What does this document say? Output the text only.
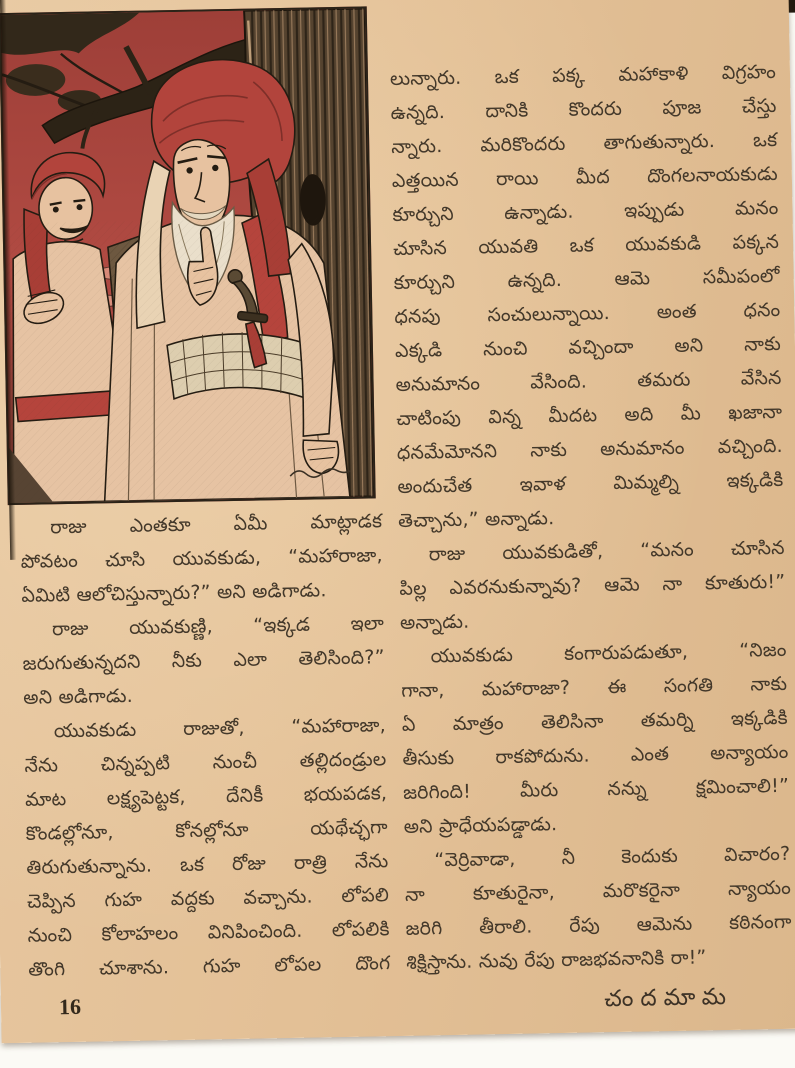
రాజు ఎంతకూ ఏమీ మాట్లాడక
పోవటం చూసి యువకుడు, “మహారాజా,
ఏమిటి ఆలోచిస్తున్నారు?” అని అడిగాడు.
రాజు యువకుణ్ణి, “ఇక్కడ ఇలా
జరుగుతున్నదని నీకు ఎలా తెలిసింది?”
అని అడిగాడు.
యువకుడు రాజుతో, “మహారాజా,
నేను చిన్నప్పటి నుంచీ తల్లిదండ్రుల
మాట లక్ష్యపెట్టక, దేనికీ భయపడక,
కొండల్లోనూ, కోనల్లోనూ యథేచ్ఛగా
తిరుగుతున్నాను. ఒక రోజు రాత్రి నేను
చెప్పిన గుహ వద్దకు వచ్చాను. లోపలి
నుంచి కోలాహలం వినిపించింది. లోపలికి
తొంగి చూశాను. గుహ లోపల దొంగ
లున్నారు. ఒక పక్క మహాకాళి విగ్రహం
ఉన్నది. దానికి కొందరు పూజ చేస్తు
న్నారు. మరికొందరు తాగుతున్నారు. ఒక
ఎత్తయిన రాయి మీద దొంగలనాయకుడు
కూర్చుని ఉన్నాడు. ఇప్పుడు మనం
చూసిన యువతి ఒక యువకుడి పక్కన
కూర్చుని ఉన్నది. ఆమె సమీపంలో
ధనపు సంచులున్నాయి. అంత ధనం
ఎక్కడి నుంచి వచ్చిందా అని నాకు
అనుమానం వేసింది. తమరు వేసిన
చాటింపు విన్న మీదట అది మీ ఖజానా
ధనమేమోనని నాకు అనుమానం వచ్చింది.
అందుచేత ఇవాళ మిమ్మల్ని ఇక్కడికి
తెచ్చాను,” అన్నాడు.
రాజు యువకుడితో, “మనం చూసిన
పిల్ల ఎవరనుకున్నావు? ఆమె నా కూతురు!”
అన్నాడు.
యువకుడు కంగారుపడుతూ, “నిజం
గానా, మహారాజా? ఈ సంగతి నాకు
ఏ మాత్రం తెలిసినా తమర్ని ఇక్కడికి
తీసుకు రాకపోదును. ఎంత అన్యాయం
జరిగింది! మీరు నన్ను క్షమించాలి!”
అని ప్రాధేయపడ్డాడు.
“వెర్రివాడా, నీ కెందుకు విచారం?
నా కూతురైనా, మరొకరైనా న్యాయం
జరిగి తీరాలి. రేపు ఆమెను కఠినంగా
శిక్షిస్తాను. నువు రేపు రాజభవనానికి రా!”
16	చందమామ
